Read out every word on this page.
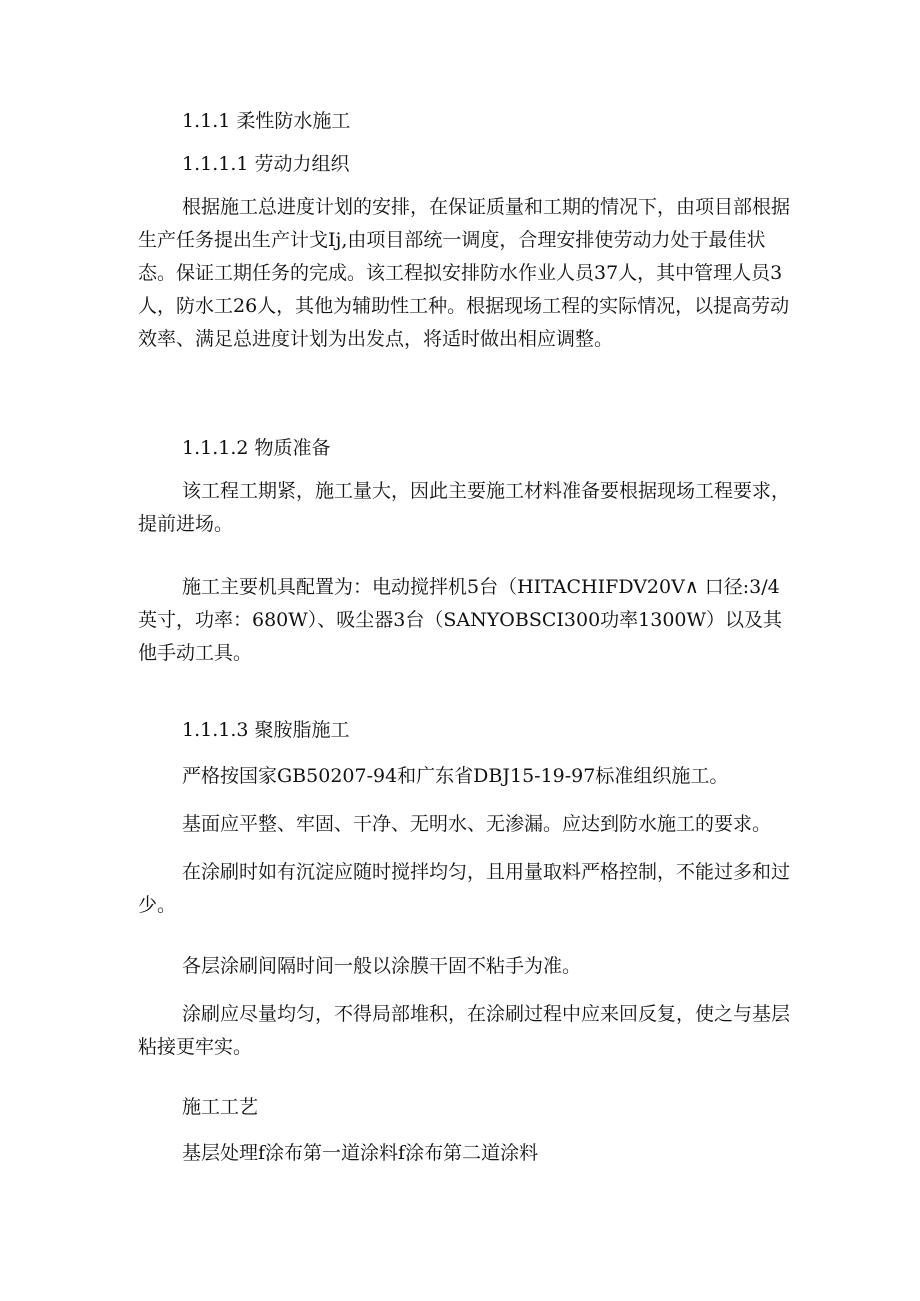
1.1.1 柔性防水施工

1.1.1.1 劳动力组织

根据施工总进度计划的安排，在保证质量和工期的情况下，由项目部根据生产任务提出生产计戈Ij,由项目部统一调度，合理安排使劳动力处于最佳状态。保证工期任务的完成。该工程拟安排防水作业人员37人，其中管理人员3人，防水工26人，其他为辅助性工种。根据现场工程的实际情况，以提高劳动效率、满足总进度计划为出发点，将适时做出相应调整。

1.1.1.2 物质准备

该工程工期紧，施工量大，因此主要施工材料准备要根据现场工程要求，提前进场。

施工主要机具配置为：电动搅拌机5台（HITACHIFDV20V∧ 口径:3/4英寸，功率：680W）、吸尘器3台（SANYOBSCI300功率1300W）以及其他手动工具。

1.1.1.3 聚胺脂施工

严格按国家GB50207-94和广东省DBJ15-19-97标准组织施工。

基面应平整、牢固、干净、无明水、无渗漏。应达到防水施工的要求。

在涂刷时如有沉淀应随时搅拌均匀，且用量取料严格控制，不能过多和过少。

各层涂刷间隔时间一般以涂膜干固不粘手为准。

涂刷应尽量均匀，不得局部堆积，在涂刷过程中应来回反复，使之与基层粘接更牢实。

施工工艺

基层处理f涂布第一道涂料f涂布第二道涂料
